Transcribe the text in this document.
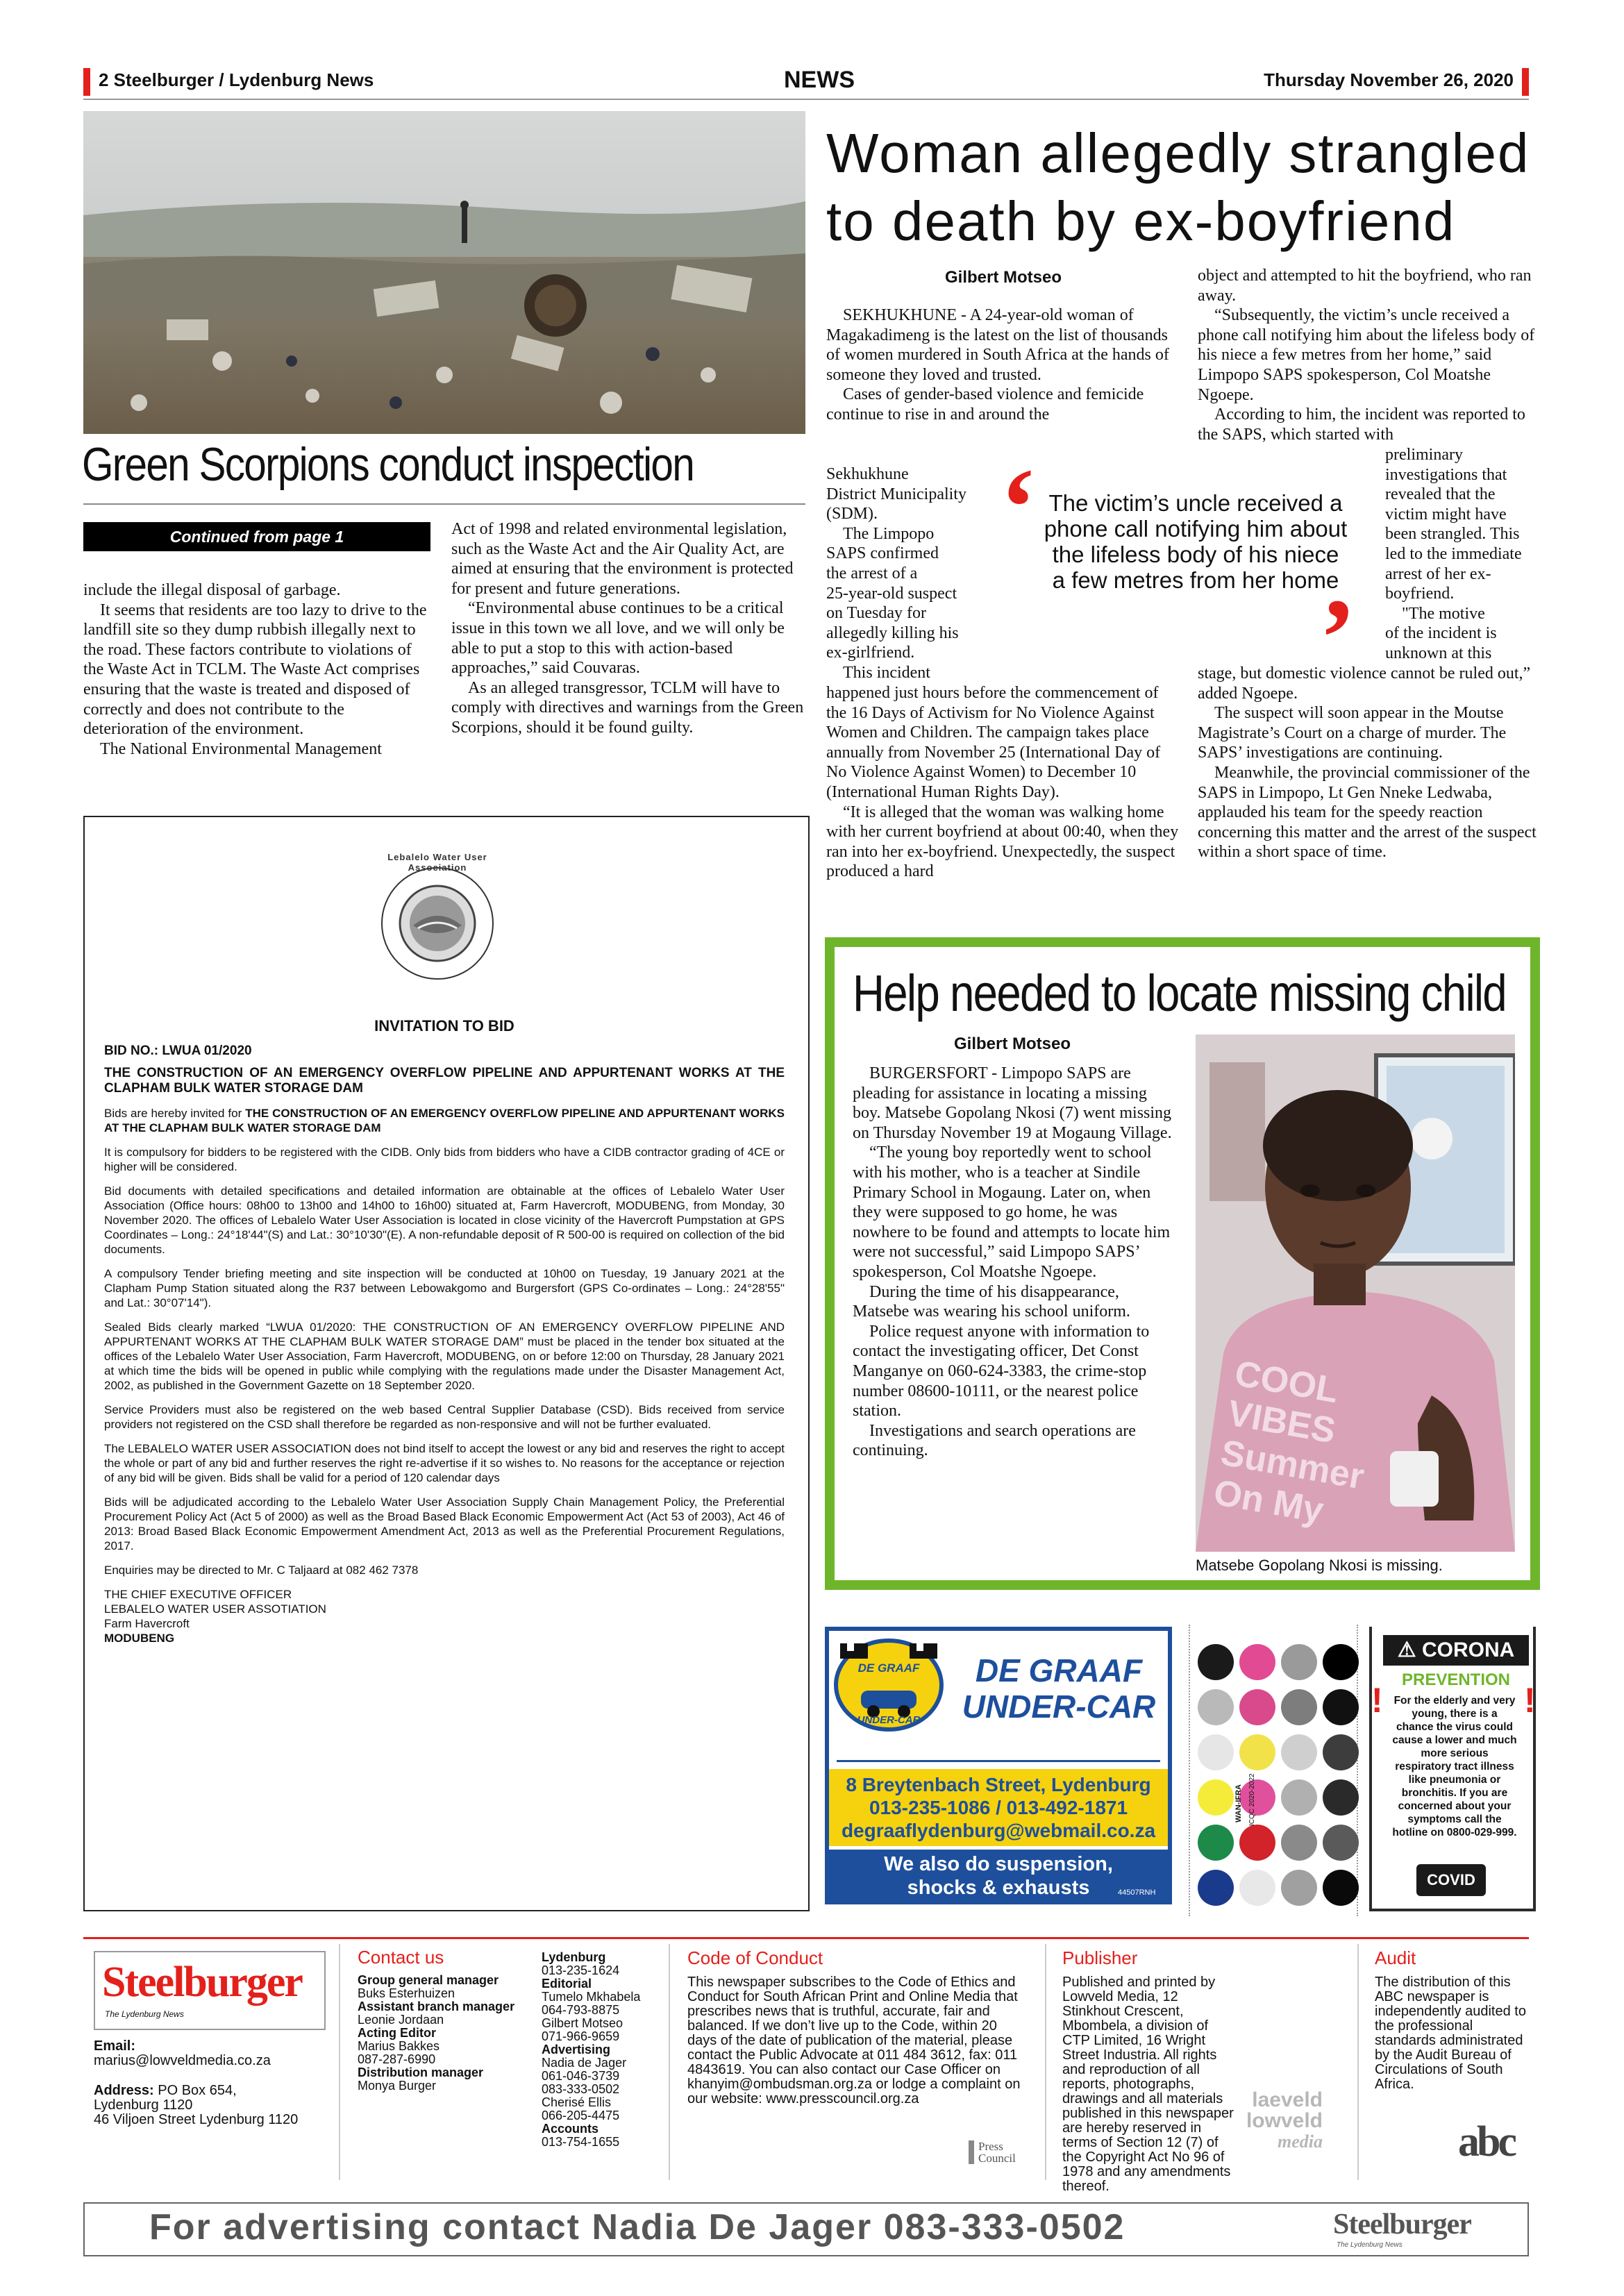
2 Steelburger / Lydenburg News	NEWS	Thursday November 26, 2020
Green Scorpions conduct inspection
Continued from page 1

include the illegal disposal of garbage.

It seems that residents are too lazy to drive to the landfill site so they dump rubbish illegally next to the road. These factors contribute to violations of the Waste Act in TCLM. The Waste Act comprises ensuring that the waste is treated and disposed of correctly and does not contribute to the deterioration of the environment.

The National Environmental Management

Act of 1998 and related environmental legislation, such as the Waste Act and the Air Quality Act, are aimed at ensuring that the environment is protected for present and future generations.

“Environmental abuse continues to be a critical issue in this town we all love, and we will only be able to put a stop to this with action-based approaches,” said Couvaras.

As an alleged transgressor, TCLM will have to comply with directives and warnings from the Green Scorpions, should it be found guilty.

Woman allegedly strangled
to death by ex-boyfriend
Gilbert Motseo

SEKHUKHUNE - A 24-year-old woman of Magakadimeng is the latest on the list of thousands of women murdered in South Africa at the hands of someone they loved and trusted.

Cases of gender-based violence and femicide continue to rise in and around the

Sekhukhune
District Municipality
(SDM).
The Limpopo
SAPS confirmed
the arrest of a
25-year-old suspect
on Tuesday for
allegedly killing his
ex-girlfriend.
This incident

happened just hours before the commencement of the 16 Days of Activism for No Violence Against Women and Children. The campaign takes place annually from November 25 (International Day of No Violence Against Women) to December 10 (International Human Rights Day).

“It is alleged that the woman was walking home with her current boyfriend at about 00:40, when they ran into her ex-boyfriend. Unexpectedly, the suspect produced a hard

object and attempted to hit the boyfriend, who ran away.

“Subsequently, the victim’s uncle received a phone call notifying him about the lifeless body of his niece a few metres from her home,” said Limpopo SAPS spokesperson, Col Moatshe Ngoepe.

According to him, the incident was reported to the SAPS, which started with

preliminary
investigations that
revealed that the
victim might have
been strangled. This
led to the immediate
arrest of her ex-
boyfriend.
"The motive
of the incident is
unknown at this

stage, but domestic violence cannot be ruled out,” added Ngoepe.

The suspect will soon appear in the Moutse Magistrate’s Court on a charge of murder. The SAPS’ investigations are continuing.

Meanwhile, the provincial commissioner of the SAPS in Limpopo, Lt Gen Nneke Ledwaba, applauded his team for the speedy reaction concerning this matter and the arrest of the suspect within a short space of time.

‘ The victim’s uncle received a phone call notifying him about the lifeless body of his niece a few metres from her home
’
Lebalelo Water User Association
INVITATION TO BID
BID NO.: LWUA 01/2020
THE CONSTRUCTION OF AN EMERGENCY OVERFLOW PIPELINE AND APPURTENANT WORKS AT THE CLAPHAM BULK WATER STORAGE DAM

Bids are hereby invited for THE CONSTRUCTION OF AN EMERGENCY OVERFLOW PIPELINE AND APPURTENANT WORKS AT THE CLAPHAM BULK WATER STORAGE DAM

It is compulsory for bidders to be registered with the CIDB. Only bids from bidders who have a CIDB contractor grading of 4CE or higher will be considered.

Bid documents with detailed specifications and detailed information are obtainable at the offices of Lebalelo Water User Association (Office hours: 08h00 to 13h00 and 14h00 to 16h00) situated at, Farm Havercroft, MODUBENG, from Monday, 30 November 2020. The offices of Lebalelo Water User Association is located in close vicinity of the Havercroft Pumpstation at GPS Coordinates – Long.: 24°18'44"(S) and Lat.: 30°10'30"(E). A non-refundable deposit of R 500-00 is required on collection of the bid documents.

A compulsory Tender briefing meeting and site inspection will be conducted at 10h00 on Tuesday, 19 January 2021 at the Clapham Pump Station situated along the R37 between Lebowakgomo and Burgersfort (GPS Co-ordinates – Long.: 24°28'55" and Lat.: 30°07'14").

Sealed Bids clearly marked “LWUA 01/2020: THE CONSTRUCTION OF AN EMERGENCY OVERFLOW PIPELINE AND APPURTENANT WORKS AT THE CLAPHAM BULK WATER STORAGE DAM” must be placed in the tender box situated at the offices of the Lebalelo Water User Association, Farm Havercroft, MODUBENG, on or before 12:00 on Thursday, 28 January 2021 at which time the bids will be opened in public while complying with the regulations made under the Disaster Management Act, 2002, as published in the Government Gazette on 18 September 2020.

Service Providers must also be registered on the web based Central Supplier Database (CSD). Bids received from service providers not registered on the CSD shall therefore be regarded as non-responsive and will not be further evaluated.

The LEBALELO WATER USER ASSOCIATION does not bind itself to accept the lowest or any bid and reserves the right to accept the whole or part of any bid and further reserves the right re-advertise if it so wishes to. No reasons for the acceptance or rejection of any bid will be given. Bids shall be valid for a period of 120 calendar days

Bids will be adjudicated according to the Lebalelo Water User Association Supply Chain Management Policy, the Preferential Procurement Policy Act (Act 5 of 2000) as well as the Broad Based Black Economic Empowerment Act (Act 53 of 2003), Act 46 of 2013: Broad Based Black Economic Empowerment Amendment Act, 2013 as well as the Preferential Procurement Regulations, 2017.

Enquiries may be directed to Mr. C Taljaard at 082 462 7378

THE CHIEF EXECUTIVE OFFICER
LEBALELO WATER USER ASSOTIATION
Farm Havercroft
MODUBENG
Help needed to locate missing child
Gilbert Motseo

BURGERSFORT - Limpopo SAPS are pleading for assistance in locating a missing boy. Matsebe Gopolang Nkosi (7) went missing on Thursday November 19 at Mogaung Village.

“The young boy reportedly went to school with his mother, who is a teacher at Sindile Primary School in Mogaung. Later on, when they were supposed to go home, he was nowhere to be found and attempts to locate him were not successful,” said Limpopo SAPS’ spokesperson, Col Moatshe Ngoepe.

During the time of his disappearance, Matsebe was wearing his school uniform.

Police request anyone with information to contact the investigating officer, Det Const Manganye on 060-624-3383, the crime-stop number 08600-10111, or the nearest police station.

Investigations and search operations are continuing.

COOL VIBES Summer On My
Matsebe Gopolang Nkosi is missing.
DE GRAAF
UNDER-CAR
DE GRAAF
UNDER-CAR
8 Breytenbach Street, Lydenburg
013-235-1086 / 013-492-1871
degraaflydenburg@webmail.co.za
We also do suspension,
shocks & exhausts	44507RNH
WAN-IFRA ICQC 2020-2022
⚠ CORONA
PREVENTION
!	!
For the elderly and very young, there is a chance the virus could cause a lower and much more serious respiratory tract illness like pneumonia or bronchitis. If you are concerned about your symptoms call the hotline on 0800-029-999.
COVID
Steelburger
The Lydenburg News
Email:
marius@lowveldmedia.co.za
Address: PO Box 654,
Lydenburg 1120
46 Viljoen Street Lydenburg 1120
Contact us
Group general manager
Buks Esterhuizen
Assistant branch manager
Leonie Jordaan
Acting Editor
Marius Bakkes
087-287-6990
Distribution manager
Monya Burger
Lydenburg
013-235-1624
Editorial
Tumelo Mkhabela
064-793-8875
Gilbert Motseo
071-966-9659
Advertising
Nadia de Jager
061-046-3739
083-333-0502
Cherisé Ellis
066-205-4475
Accounts
013-754-1655
Code of Conduct
This newspaper subscribes to the Code of Ethics and Conduct for South African Print and Online Media that prescribes news that is truthful, accurate, fair and balanced. If we don’t live up to the Code, within 20 days of the date of publication of the material, please contact the Public Advocate at 011 484 3612, fax: 011 4843619. You can also contact our Case Officer on khanyim@ombudsman.org.za or lodge a complaint on our website: www.presscouncil.org.za
Press Council
Publisher
Published and printed by Lowveld Media, 12 Stinkhout Crescent, Mbombela, a division of CTP Limited, 16 Wright Street Industria. All rights and reproduction of all reports, photographs, drawings and all materials published in this newspaper are hereby reserved in terms of Section 12 (7) of the Copyright Act No 96 of 1978 and any amendments thereof.
laeveld
lowveld
media
Audit
The distribution of this ABC newspaper is independently audited to the professional standards administrated by the Audit Bureau of Circulations of South Africa.
abc
For advertising contact Nadia De Jager 083-333-0502	Steelburger
The Lydenburg News
